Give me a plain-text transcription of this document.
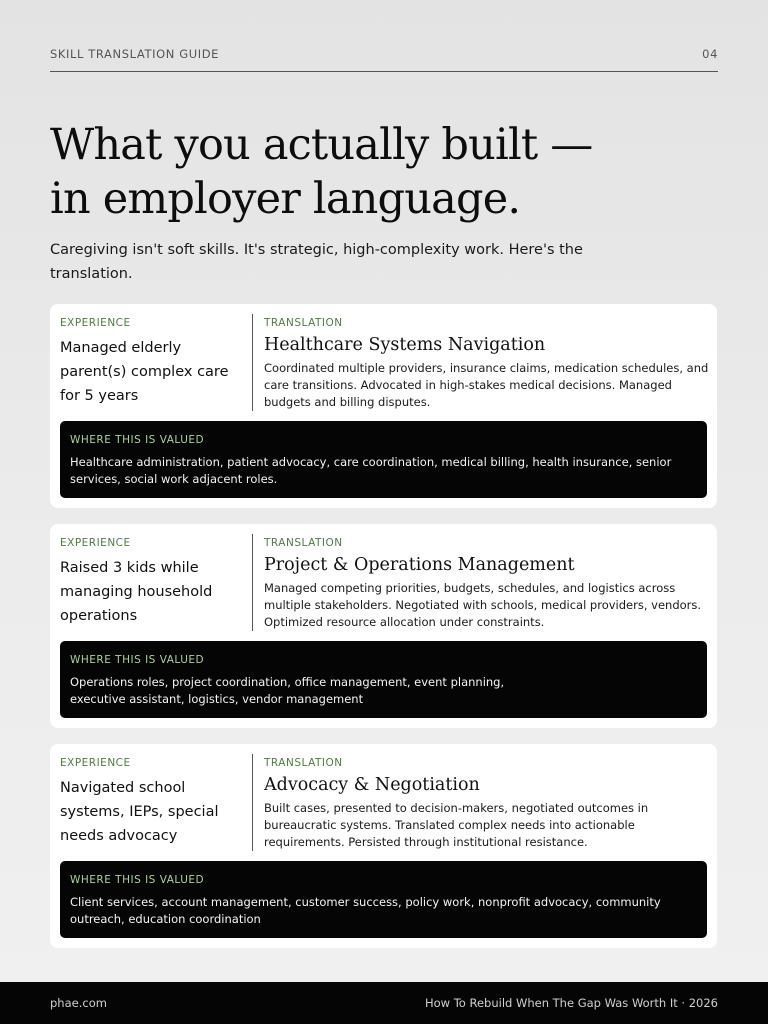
SKILL TRANSLATION GUIDE	04
What you actually built —
in employer language.

Caregiving isn't soft skills. It's strategic, high-complexity work. Here's the translation.

EXPERIENCE
Managed elderly parent(s) complex care for 5 years
TRANSLATION
Healthcare Systems Navigation
Coordinated multiple providers, insurance claims, medication schedules, and care transitions. Advocated in high-stakes medical decisions. Managed budgets and billing disputes.
WHERE THIS IS VALUED
Healthcare administration, patient advocacy, care coordination, medical billing, health insurance, senior services, social work adjacent roles.
EXPERIENCE
Raised 3 kids while managing household operations
TRANSLATION
Project & Operations Management
Managed competing priorities, budgets, schedules, and logistics across multiple stakeholders. Negotiated with schools, medical providers, vendors. Optimized resource allocation under constraints.
WHERE THIS IS VALUED
Operations roles, project coordination, office management, event planning, executive assistant, logistics, vendor management
EXPERIENCE
Navigated school systems, IEPs, special needs advocacy
TRANSLATION
Advocacy & Negotiation
Built cases, presented to decision-makers, negotiated outcomes in bureaucratic systems. Translated complex needs into actionable requirements. Persisted through institutional resistance.
WHERE THIS IS VALUED
Client services, account management, customer success, policy work, nonprofit advocacy, community outreach, education coordination
phae.com	How To Rebuild When The Gap Was Worth It · 2026
